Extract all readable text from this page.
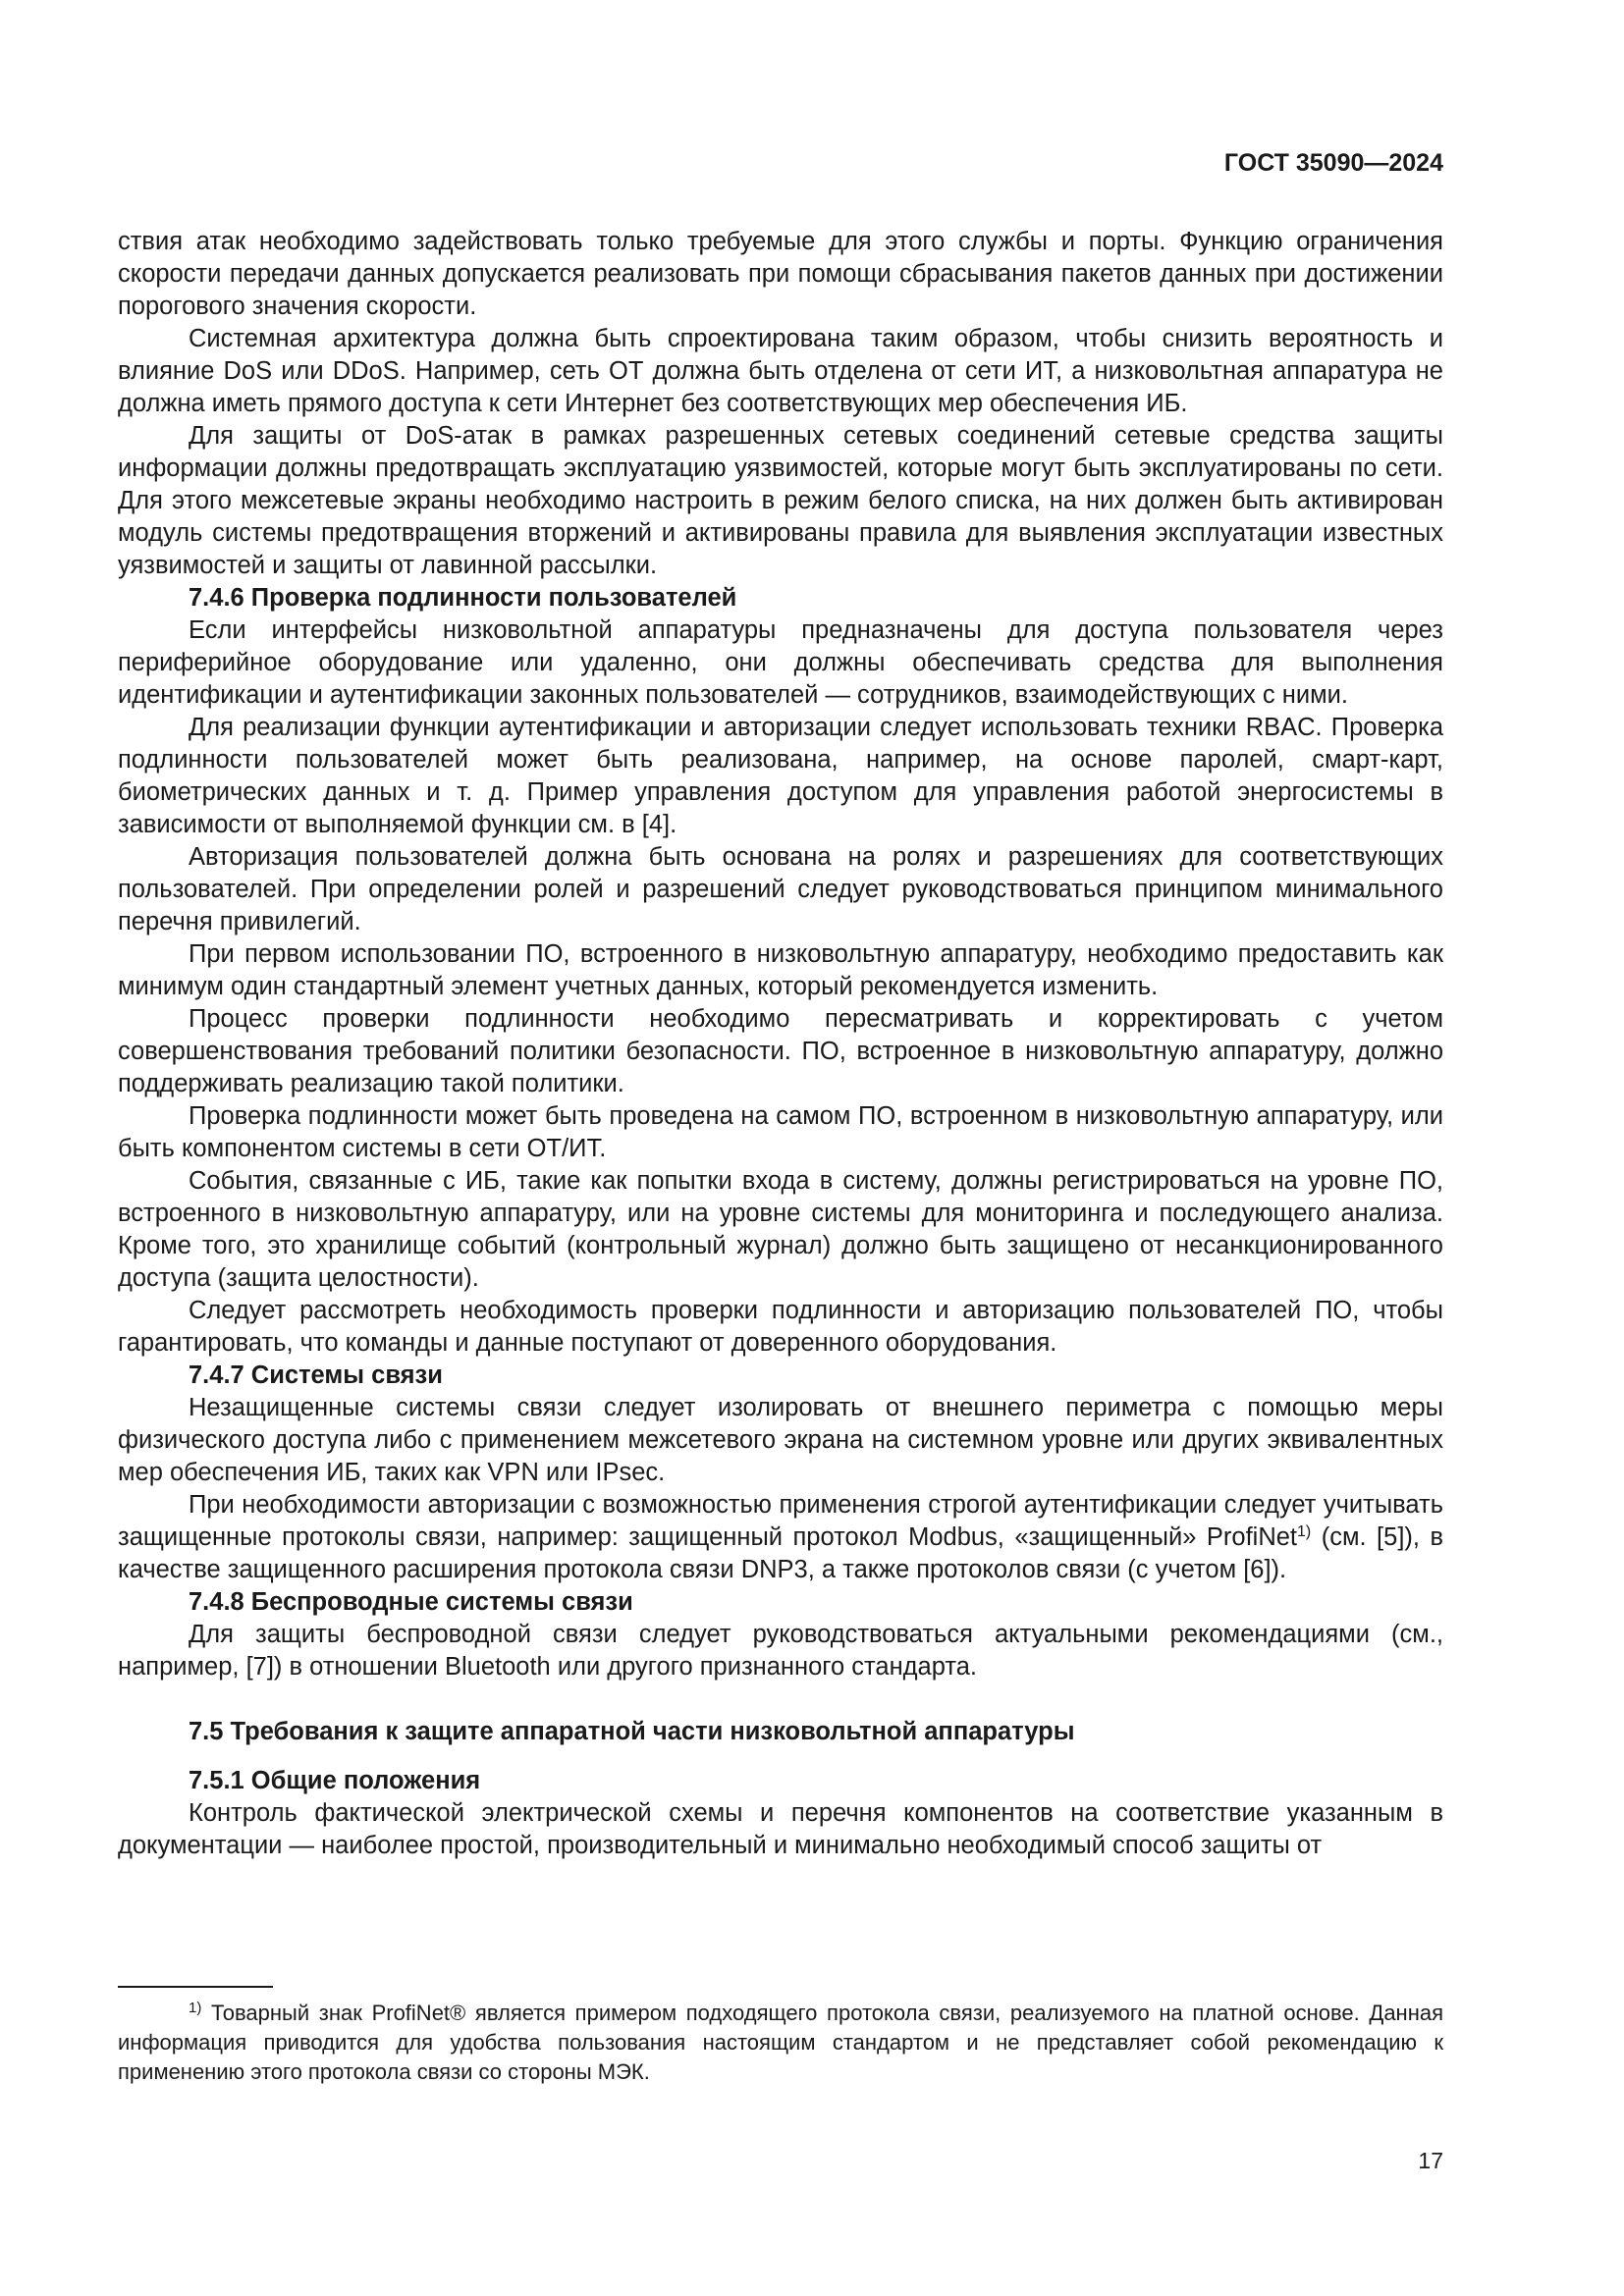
ГОСТ 35090—2024

ствия атак необходимо задействовать только требуемые для этого службы и порты. Функцию ограничения скорости передачи данных допускается реализовать при помощи сбрасывания пакетов данных при достижении порогового значения скорости.

Системная архитектура должна быть спроектирована таким образом, чтобы снизить вероятность и влияние DoS или DDoS. Например, сеть ОТ должна быть отделена от сети ИТ, а низковольтная аппаратура не должна иметь прямого доступа к сети Интернет без соответствующих мер обеспечения ИБ.

Для защиты от DoS-атак в рамках разрешенных сетевых соединений сетевые средства защиты информации должны предотвращать эксплуатацию уязвимостей, которые могут быть эксплуатированы по сети. Для этого межсетевые экраны необходимо настроить в режим белого списка, на них должен быть активирован модуль системы предотвращения вторжений и активированы правила для выявления эксплуатации известных уязвимостей и защиты от лавинной рассылки.

7.4.6 Проверка подлинности пользователей

Если интерфейсы низковольтной аппаратуры предназначены для доступа пользователя через периферийное оборудование или удаленно, они должны обеспечивать средства для выполнения идентификации и аутентификации законных пользователей — сотрудников, взаимодействующих с ними.

Для реализации функции аутентификации и авторизации следует использовать техники RBAC. Проверка подлинности пользователей может быть реализована, например, на основе паролей, смарт-карт, биометрических данных и т. д. Пример управления доступом для управления работой энергосистемы в зависимости от выполняемой функции см. в [4].

Авторизация пользователей должна быть основана на ролях и разрешениях для соответствующих пользователей. При определении ролей и разрешений следует руководствоваться принципом минимального перечня привилегий.

При первом использовании ПО, встроенного в низковольтную аппаратуру, необходимо предоставить как минимум один стандартный элемент учетных данных, который рекомендуется изменить.

Процесс проверки подлинности необходимо пересматривать и корректировать с учетом совершенствования требований политики безопасности. ПО, встроенное в низковольтную аппаратуру, должно поддерживать реализацию такой политики.

Проверка подлинности может быть проведена на самом ПО, встроенном в низковольтную аппаратуру, или быть компонентом системы в сети ОТ/ИТ.

События, связанные с ИБ, такие как попытки входа в систему, должны регистрироваться на уровне ПО, встроенного в низковольтную аппаратуру, или на уровне системы для мониторинга и последующего анализа. Кроме того, это хранилище событий (контрольный журнал) должно быть защищено от несанкционированного доступа (защита целостности).

Следует рассмотреть необходимость проверки подлинности и авторизацию пользователей ПО, чтобы гарантировать, что команды и данные поступают от доверенного оборудования.

7.4.7 Системы связи

Незащищенные системы связи следует изолировать от внешнего периметра с помощью меры физического доступа либо с применением межсетевого экрана на системном уровне или других эквивалентных мер обеспечения ИБ, таких как VPN или IPsec.

При необходимости авторизации с возможностью применения строгой аутентификации следует учитывать защищенные протоколы связи, например: защищенный протокол Modbus, «защищенный» ProfiNet$^{1)}$ (см. [5]), в качестве защищенного расширения протокола связи DNP3, а также протоколов связи (с учетом [6]).

7.4.8 Беспроводные системы связи

Для защиты беспроводной связи следует руководствоваться актуальными рекомендациями (см., например, [7]) в отношении Bluetooth или другого признанного стандарта.

7.5 Требования к защите аппаратной части низковольтной аппаратуры
7.5.1 Общие положения

Контроль фактической электрической схемы и перечня компонентов на соответствие указанным в документации — наиболее простой, производительный и минимально необходимый способ защиты от

$^{1)}$ Товарный знак ProfiNet® является примером подходящего протокола связи, реализуемого на платной основе. Данная информация приводится для удобства пользования настоящим стандартом и не представляет собой рекомендацию к применению этого протокола связи со стороны МЭК.

17
